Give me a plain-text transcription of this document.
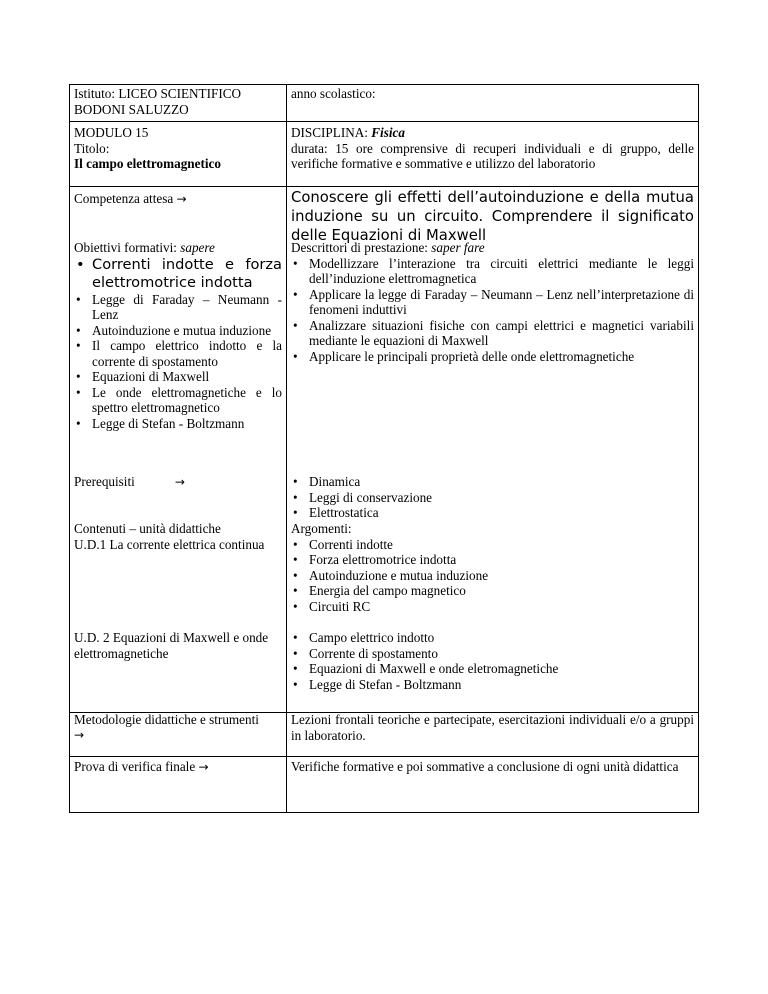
Istituto: LICEO SCIENTIFICO
BODONI SALUZZO
anno scolastico:
MODULO 15
Titolo:
Il campo elettromagnetico
DISCIPLINA: Fisica
durata: 15 ore comprensive di recuperi individuali e di gruppo, delle verifiche formative e sommative e utilizzo del laboratorio
Competenza attesa →	Conoscere gli effetti dell’autoinduzione e della mutua induzione su un circuito. Comprendere il significato delle Equazioni di Maxwell
Obiettivi formativi: sapere
• Correnti indotte e forza elettromotrice indotta
• Legge di Faraday – Neumann - Lenz
• Autoinduzione e mutua induzione
• Il campo elettrico indotto e la corrente di spostamento
• Equazioni di Maxwell
• Le onde elettromagnetiche e lo spettro elettromagnetico
• Legge di Stefan - Boltzmann
Descrittori di prestazione: saper fare
• Modellizzare l’interazione tra circuiti elettrici mediante le leggi dell’induzione elettromagnetica
• Applicare la legge di Faraday – Neumann – Lenz nell’interpretazione di fenomeni induttivi
• Analizzare situazioni fisiche con campi elettrici e magnetici variabili mediante le equazioni di Maxwell
• Applicare le principali proprietà delle onde elettromagnetiche
Prerequisiti	→
•	Dinamica
• Leggi di conservazione
• Elettrostatica
Contenuti – unità didattiche
U.D.1 La corrente elettrica continua
Argomenti:
• Correnti indotte
• Forza elettromotrice indotta
• Autoinduzione e mutua induzione
• Energia del campo magnetico
• Circuiti RC
U.D. 2 Equazioni di Maxwell e onde elettromagnetiche
• Campo elettrico indotto
• Corrente di spostamento
• Equazioni di Maxwell e onde eletromagnetiche
• Legge di Stefan - Boltzmann
Metodologie didattiche e strumenti
→
Lezioni frontali teoriche e partecipate, esercitazioni individuali e/o a gruppi in laboratorio.
Prova di verifica finale →	Verifiche formative e poi sommative a conclusione di ogni unità didattica
